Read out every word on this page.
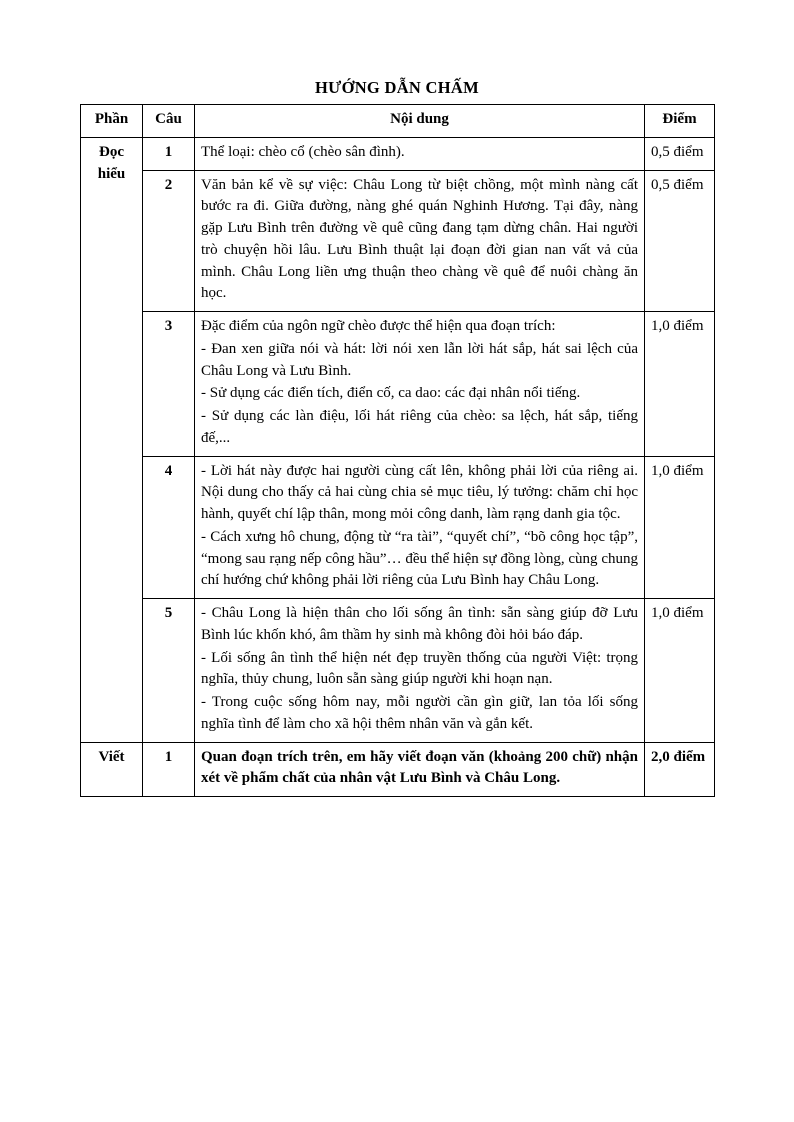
HƯỚNG DẪN CHẤM
Phần	Câu	Nội dung	Điểm

Đọc
hiểu	1	Thể loại: chèo cổ (chèo sân đình).	0,5 điểm
	2	Văn bản kể về sự việc: Châu Long từ biệt chồng, một mình nàng cất bước ra đi. Giữa đường, nàng ghé quán Nghinh Hương. Tại đây, nàng gặp Lưu Bình trên đường về quê cũng đang tạm dừng chân. Hai người trò chuyện hồi lâu. Lưu Bình thuật lại đoạn đời gian nan vất vả của mình. Châu Long liền ưng thuận theo chàng về quê để nuôi chàng ăn học.	0,5 điểm
	3	Đặc điểm của ngôn ngữ chèo được thể hiện qua đoạn trích:

- Đan xen giữa nói và hát: lời nói xen lẫn lời hát sắp, hát sai lệch của Châu Long và Lưu Bình.

- Sử dụng các điển tích, điển cố, ca dao: các đại nhân nổi tiếng.

- Sử dụng các làn điệu, lối hát riêng của chèo: sa lệch, hát sắp, tiếng đế,...	1,0 điểm
	4	- Lời hát này được hai người cùng cất lên, không phải lời của riêng ai. Nội dung cho thấy cả hai cùng chia sẻ mục tiêu, lý tưởng: chăm chỉ học hành, quyết chí lập thân, mong mỏi công danh, làm rạng danh gia tộc.

- Cách xưng hô chung, động từ “ra tài”, “quyết chí”, “bõ công học tập”, “mong sau rạng nếp công hầu”… đều thể hiện sự đồng lòng, cùng chung chí hướng chứ không phải lời riêng của Lưu Bình hay Châu Long.	1,0 điểm
	5	- Châu Long là hiện thân cho lối sống ân tình: sẵn sàng giúp đỡ Lưu Bình lúc khốn khó, âm thầm hy sinh mà không đòi hỏi báo đáp.

- Lối sống ân tình thể hiện nét đẹp truyền thống của người Việt: trọng nghĩa, thủy chung, luôn sẵn sàng giúp người khi hoạn nạn.

- Trong cuộc sống hôm nay, mỗi người cần gìn giữ, lan tỏa lối sống nghĩa tình để làm cho xã hội thêm nhân văn và gắn kết.	1,0 điểm

Viết	1	Quan đoạn trích trên, em hãy viết đoạn văn (khoảng 200 chữ) nhận xét về phẩm chất của nhân vật Lưu Bình và Châu Long.	2,0 điểm
